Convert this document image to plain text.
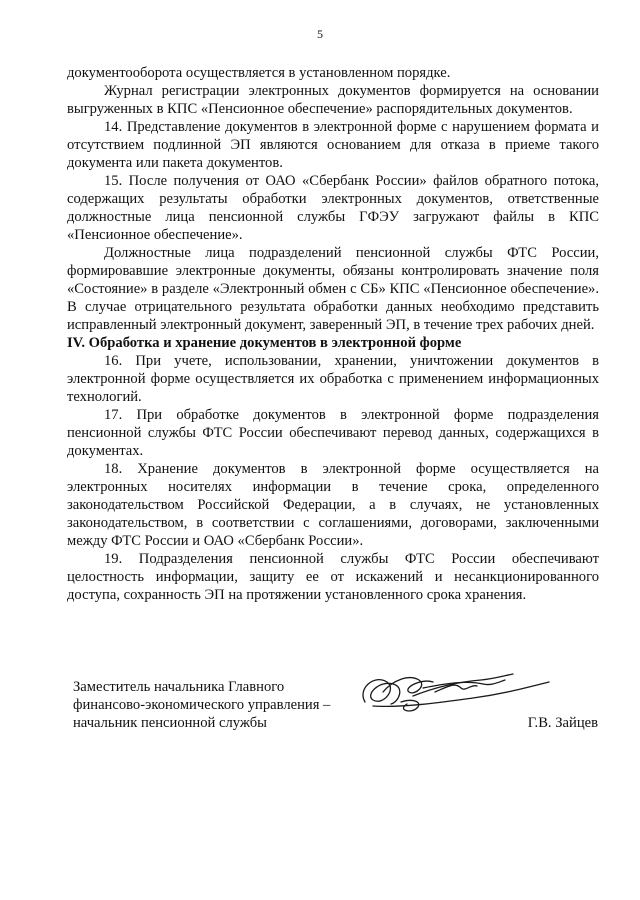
5

документооборота осуществляется в установленном порядке.

Журнал регистрации электронных документов формируется на основании выгруженных в КПС «Пенсионное обеспечение» распорядительных документов.

14. Представление документов в электронной форме с нарушением формата и отсутствием подлинной ЭП являются основанием для отказа в приеме такого документа или пакета документов.

15. После получения от ОАО «Сбербанк России» файлов обратного потока, содержащих результаты обработки электронных документов, ответственные должностные лица пенсионной службы ГФЭУ загружают файлы в КПС «Пенсионное обеспечение».

Должностные лица подразделений пенсионной службы ФТС России, формировавшие электронные документы, обязаны контролировать значение поля «Состояние» в разделе «Электронный обмен с СБ» КПС «Пенсионное обеспечение». В случае отрицательного результата обработки данных необходимо представить исправленный электронный документ, заверенный ЭП, в течение трех рабочих дней.

IV. Обработка и хранение документов в электронной форме

16. При учете, использовании, хранении, уничтожении документов в электронной форме осуществляется их обработка с применением информационных технологий.

17. При обработке документов в электронной форме подразделения пенсионной службы ФТС России обеспечивают перевод данных, содержащихся в документах.

18. Хранение документов в электронной форме осуществляется на электронных носителях информации в течение срока, определенного законодательством Российской Федерации, а в случаях, не установленных законодательством, в соответствии с соглашениями, договорами, заключенными между ФТС России и ОАО «Сбербанк России».

19. Подразделения пенсионной службы ФТС России обеспечивают целостность информации, защиту ее от искажений и несанкционированного доступа, сохранность ЭП на протяжении установленного срока хранения.

Заместитель начальника Главного
финансово-экономического управления –
начальник пенсионной службы	Г.В. Зайцев
